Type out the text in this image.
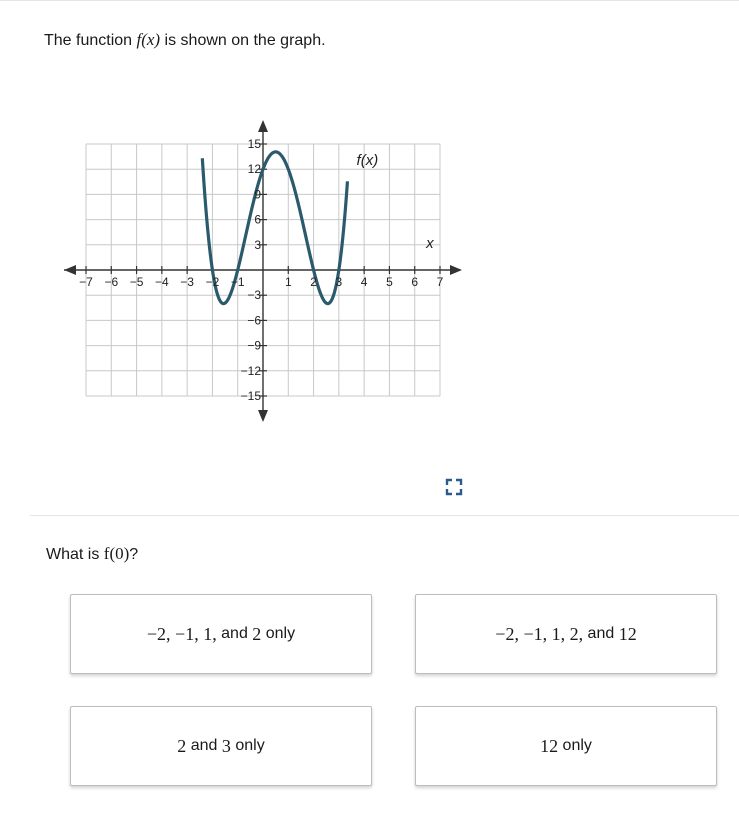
The function f(x) is shown on the graph.
−7 −6 −5 −4 −3 −2 −1	1 2 3 4 5 6 7
−15
−12
−9
−6
−3
3
6
9
12
15
x
f(x)
What is f(0)?
−2, −1, 1, and 2 only	−2, −1, 1, 2, and 12
2 and 3 only	12 only
